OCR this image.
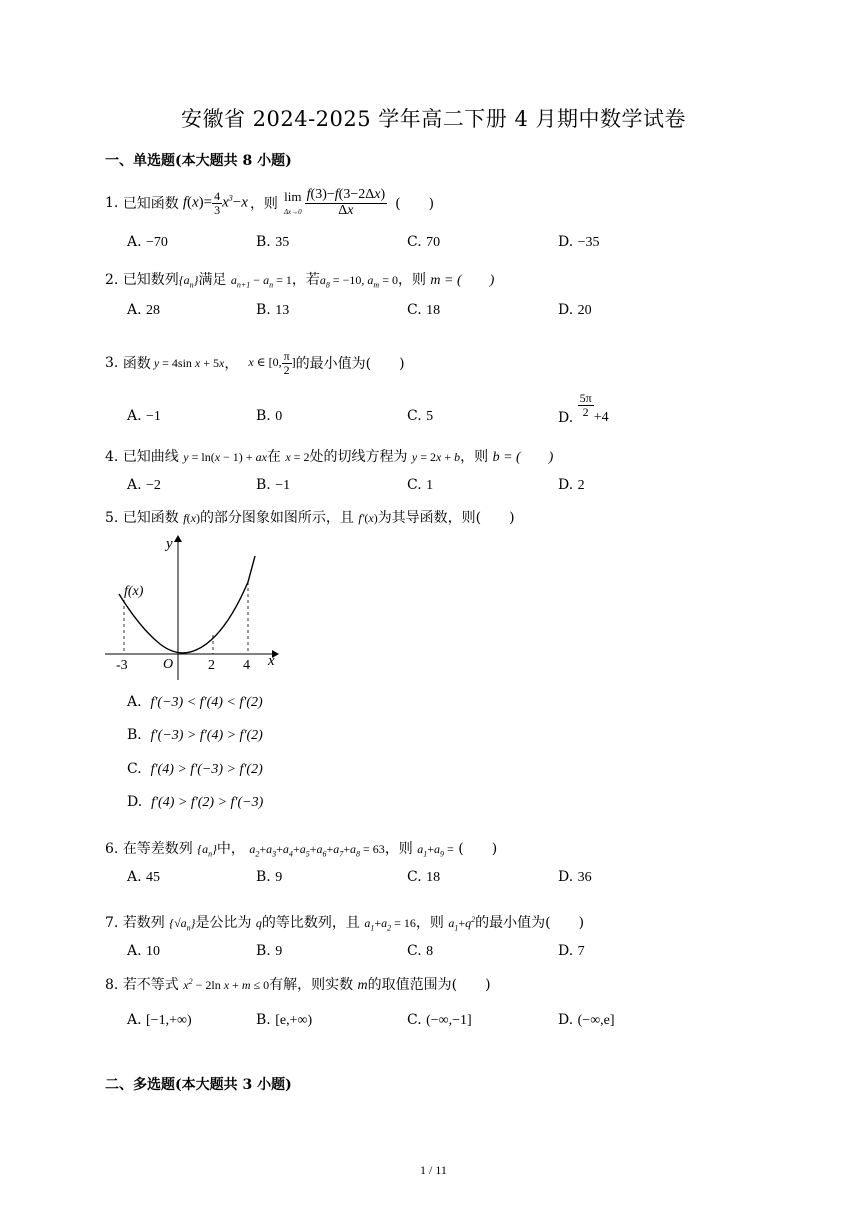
安徽省 2024-2025 学年高二下册 4 月期中数学试卷
一、单选题(本大题共 8 小题)
1.
已知函数 $f(x)= \frac{4}{3} x^3-x$ ，则 lim
$\Delta x\to 0 \frac{f(3)-f(3-2\Delta x)}{\Delta x}$ (　　)
A. −70	B. 35	C. 70	D. −35
2. 已知数列$\{a_n\}$满足 $a_{n+1} - a_n = 1$，若$a_8 = -10$, $a_m = 0$，则 m = (　　)
A. 28	B. 13	C. 18	D. 20
3.
函数 y = 4sin x + 5x ， x ∈ [0, $\frac{\pi}{2}$ ] 的最小值为(　　)
A. −1	B. 0	C. 5	D.
$\frac{5\pi}{2} +4$
4. 已知曲线 y = ln(x − 1) + ax在 x = 2处的切线方程为 y = 2x + b，则 b = (　　)
A. −2	B. −1	C. 1	D. 2
5. 已知函数 f(x)的部分图象如图所示，且 f′(x)为其导函数，则(　　)
y
x
f(x)
O
-3	2 4
A. f′(−3) < f′(4) < f′(2)
B. f′(−3) > f′(4) > f′(2)
C. f′(4) > f′(−3) > f′(2)
D. f′(4) > f′(2) > f′(−3)
6. 在等差数列 $\{a_n\}$中， $a_2+a_3+a_4+a_5+a_6+a_7+a_8 = 63$，则 $a_1+a_9$ = (　　)
A. 45	B. 9	C. 18	D. 36
7. 若数列 $\{√a_n\}$是公比为 q的等比数列，且 $a_1+a_2 = 16$，则 $a_1+q^2$的最小值为(　　)
A. 10	B. 9	C. 8	D. 7
8. 若不等式 $x^2 - 2\ln$ x + m ≤ 0有解，则实数 m的取值范围为(　　)
A. [−1,+∞)	B. [e,+∞)	C. (−∞,−1]	D. (−∞,e]
二、多选题(本大题共 3 小题)
1 / 11
